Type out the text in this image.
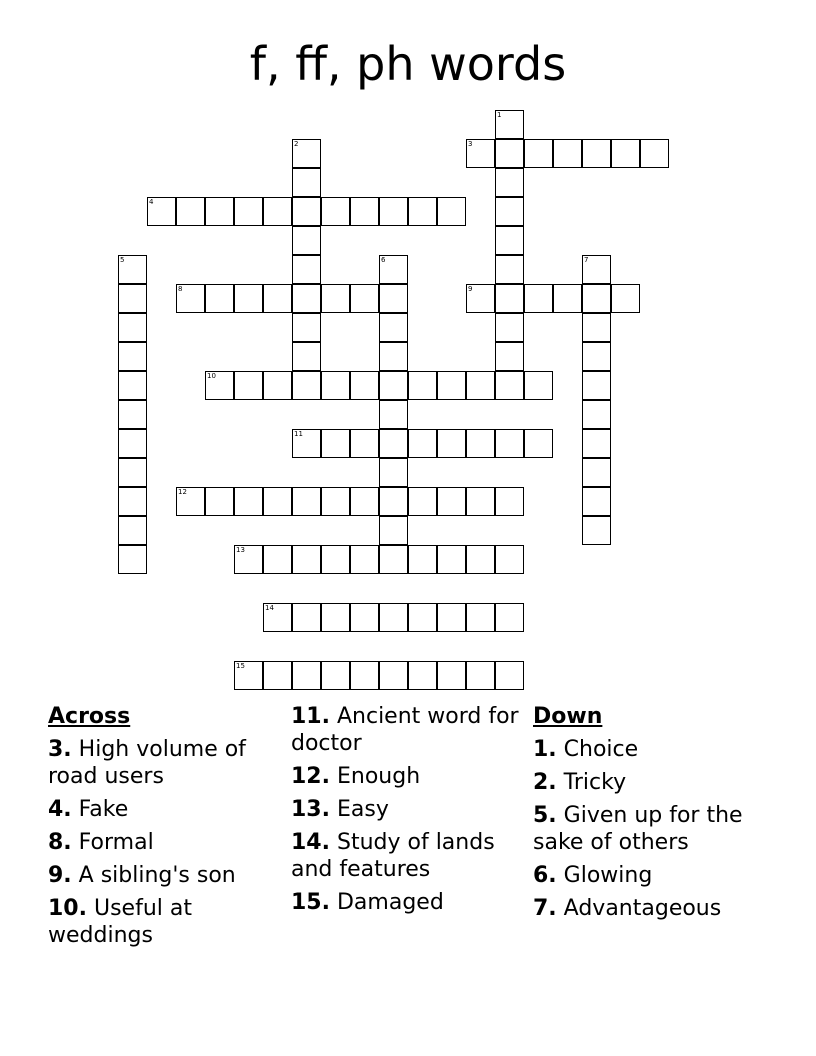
f, ff, ph words
1
2	3
4
5	6	7
8	9
10
11
12
13
14
15
Across
3. High volume of road users
4. Fake
8. Formal
9. A sibling's son
10. Useful at weddings
11. Ancient word for doctor
12. Enough
13. Easy
14. Study of lands and features
15. Damaged
Down
1. Choice
2. Tricky
5. Given up for the sake of others
6. Glowing
7. Advantageous
